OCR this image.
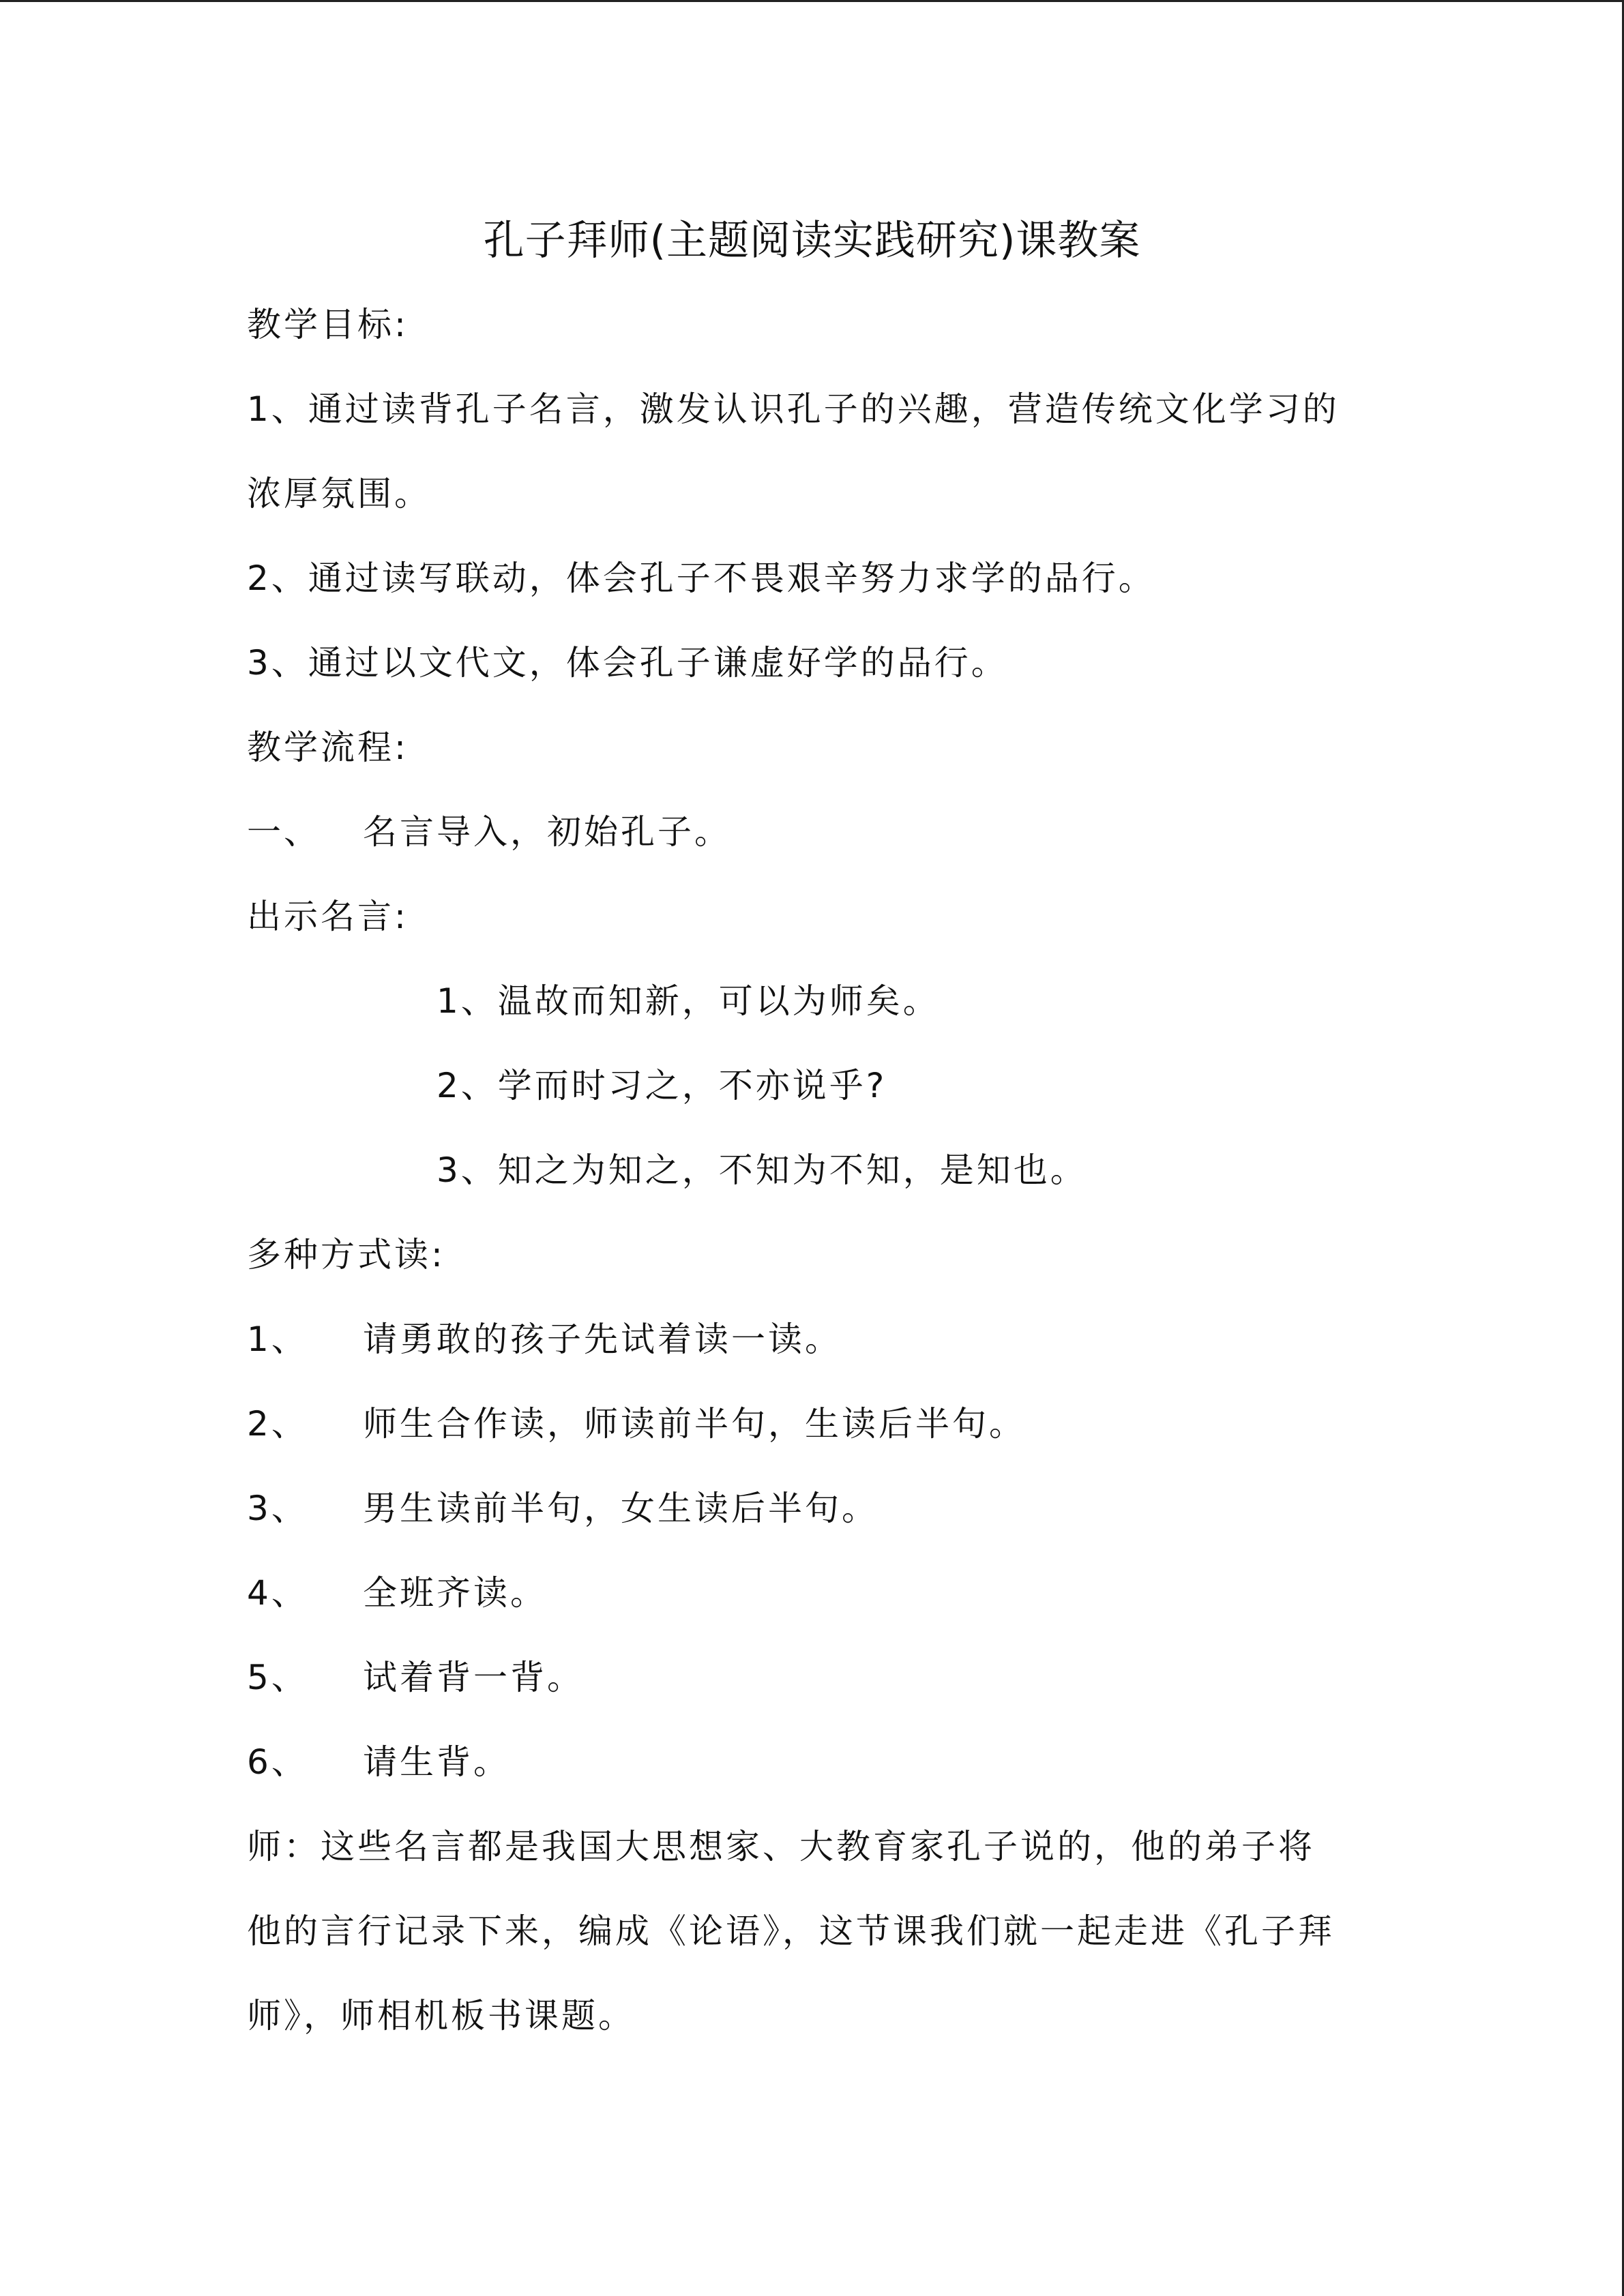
孔子拜师(主题阅读实践研究)课教案
教学目标:
1、通过读背孔子名言，激发认识孔子的兴趣，营造传统文化学习的
浓厚氛围。
2、通过读写联动，体会孔子不畏艰辛努力求学的品行。
3、通过以文代文，体会孔子谦虚好学的品行。
教学流程:
一、 名言导入，初始孔子。
出示名言:
1、温故而知新，可以为师矣。
2、学而时习之，不亦说乎?
3、知之为知之，不知为不知，是知也。
多种方式读:
1、 请勇敢的孩子先试着读一读。
2、 师生合作读，师读前半句，生读后半句。
3、 男生读前半句，女生读后半句。
4、 全班齐读。
5、 试着背一背。
6、 请生背。
师：这些名言都是我国大思想家、大教育家孔子说的，他的弟子将
他的言行记录下来，编成《论语》，这节课我们就一起走进《孔子拜
师》，师相机板书课题。
